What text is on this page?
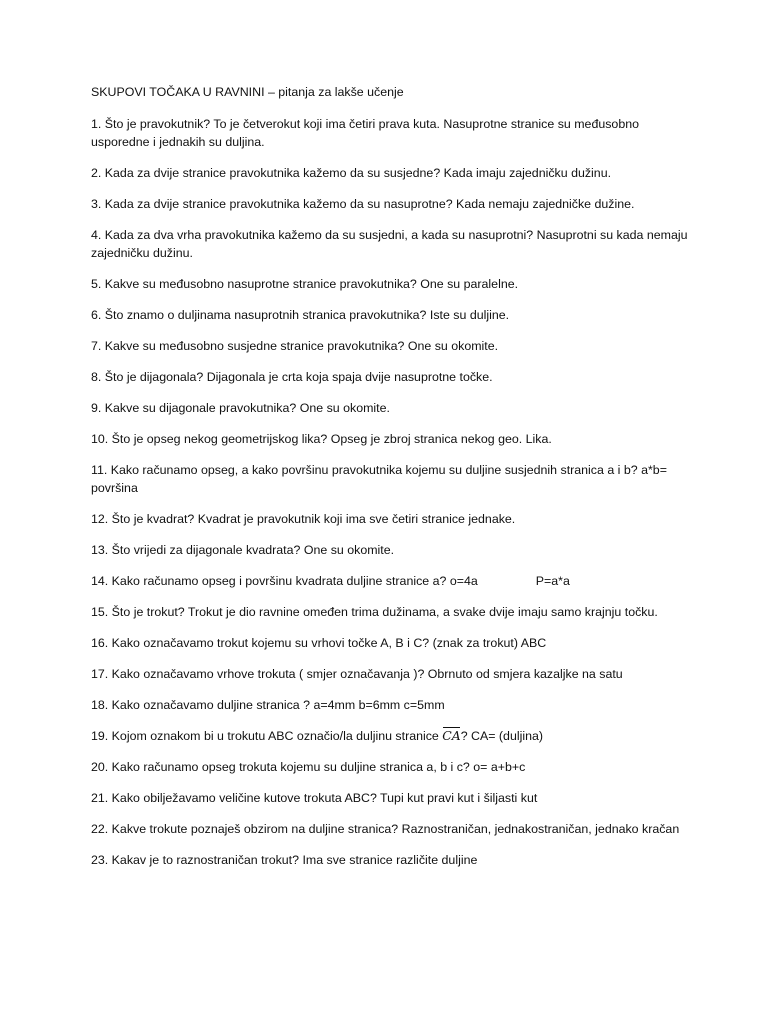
SKUPOVI TOČAKA U RAVNINI – pitanja za lakše učenje
1. Što je pravokutnik? To je četverokut koji ima četiri prava kuta. Nasuprotne stranice su međusobno usporedne i jednakih su duljina.
2. Kada za dvije stranice pravokutnika kažemo da su susjedne? Kada imaju zajedničku dužinu.
3. Kada za dvije stranice pravokutnika kažemo da su nasuprotne? Kada nemaju zajedničke dužine.
4. Kada za dva vrha pravokutnika kažemo da su susjedni, a kada su nasuprotni? Nasuprotni su kada nemaju zajedničku dužinu.
5. Kakve su međusobno nasuprotne stranice pravokutnika? One su paralelne.
6. Što znamo o duljinama nasuprotnih stranica pravokutnika? Iste su duljine.
7. Kakve su međusobno susjedne stranice pravokutnika? One su okomite.
8. Što je dijagonala? Dijagonala je crta koja spaja dvije nasuprotne točke.
9. Kakve su dijagonale pravokutnika? One su okomite.
10. Što je opseg nekog geometrijskog lika? Opseg je zbroj stranica nekog geo. Lika.
11. Kako računamo opseg, a kako površinu pravokutnika kojemu su duljine susjednih stranica a i b? a*b= površina
12. Što je kvadrat? Kvadrat je pravokutnik koji ima sve četiri stranice jednake.
13. Što vrijedi za dijagonale kvadrata? One su okomite.
14. Kako računamo opseg i površinu kvadrata duljine stranice a? o=4a	P=a*a
15. Što je trokut? Trokut je dio ravnine omeđen trima dužinama, a svake dvije imaju samo krajnju točku.
16. Kako označavamo trokut kojemu su vrhovi točke A, B i C? (znak za trokut) ABC
17. Kako označavamo vrhove trokuta ( smjer označavanja )? Obrnuto od smjera kazaljke na satu
18. Kako označavamo duljine stranica ? a=4mm b=6mm c=5mm
19. Kojom oznakom bi u trokutu ABC označio/la duljinu stranice CA? CA= (duljina)
20. Kako računamo opseg trokuta kojemu su duljine stranica a, b i c? o= a+b+c
21. Kako obilježavamo veličine kutove trokuta ABC? Tupi kut pravi kut i šiljasti kut
22. Kakve trokute poznaješ obzirom na duljine stranica? Raznostraničan, jednakostraničan, jednako kračan
23. Kakav je to raznostraničan trokut? Ima sve stranice različite duljine
